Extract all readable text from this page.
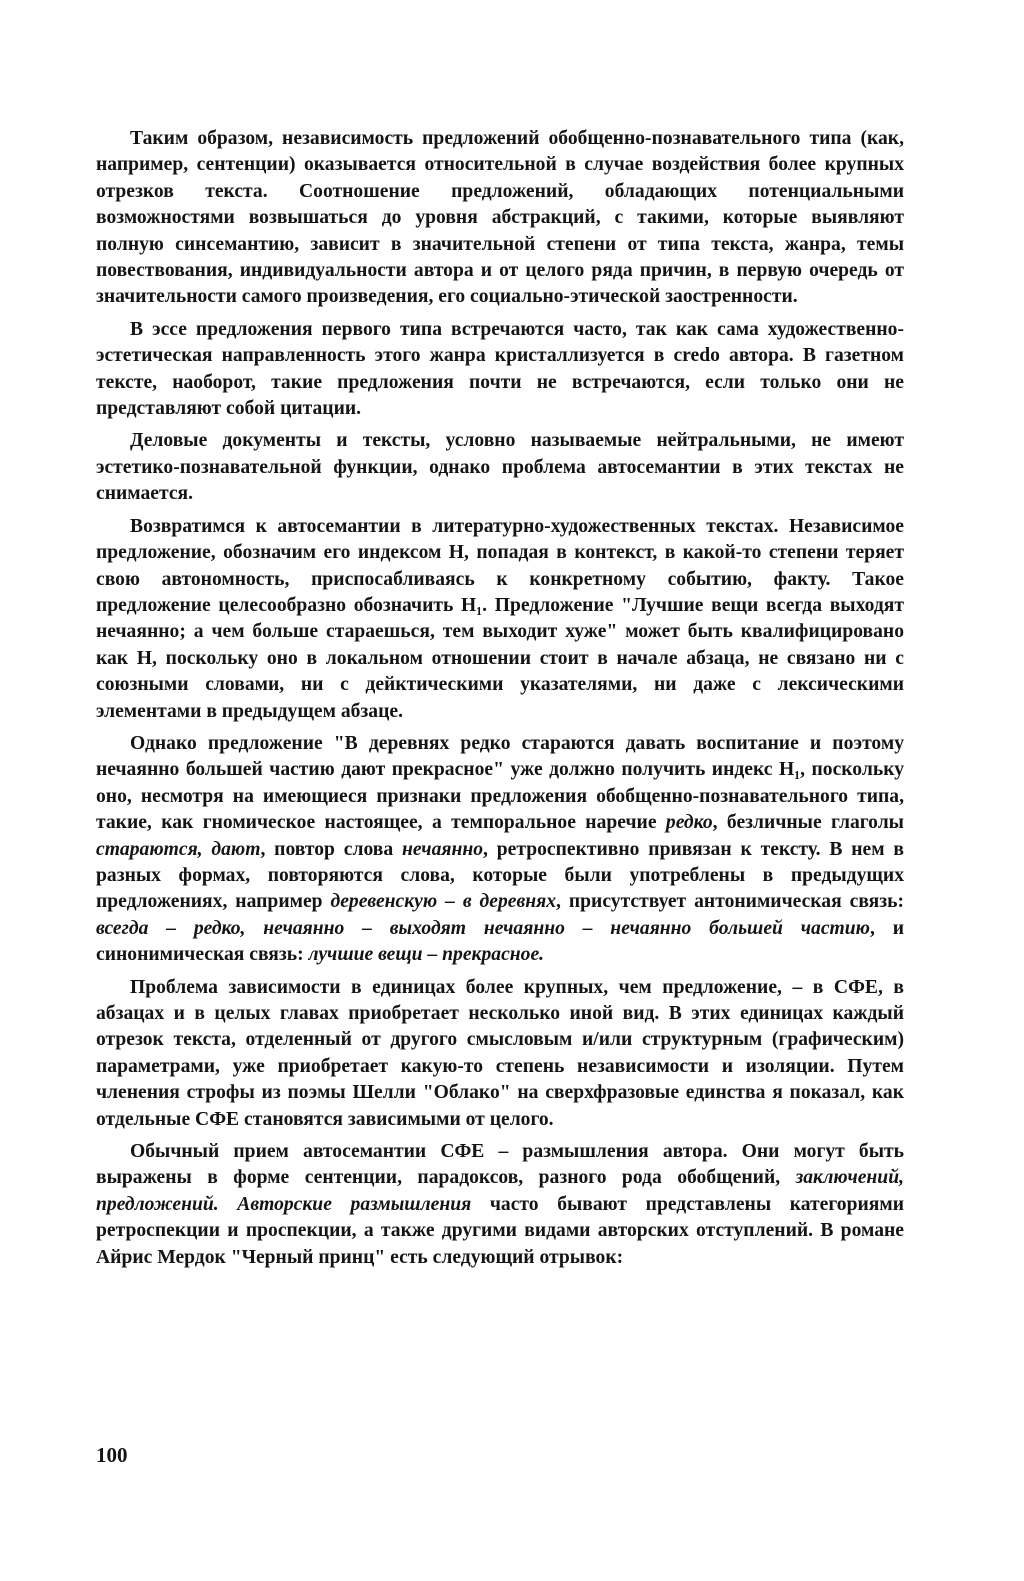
Таким образом, независимость предложений обобщенно-познавательного типа (как, например, сентенции) оказывается относительной в случае воздействия более крупных отрезков текста. Соотношение предложений, обладающих потенциальными возможностями возвышаться до уровня абстракций, с такими, которые выявляют полную синсемантию, зависит в значительной степени от типа текста, жанра, темы повествования, индивидуальности автора и от целого ряда причин, в первую очередь от значительности самого произведения, его социально-этической заостренности.

В эссе предложения первого типа встречаются часто, так как сама художественно-эстетическая направленность этого жанра кристаллизуется в credo автора. В газетном тексте, наоборот, такие предложения почти не встречаются, если только они не представляют собой цитации.

Деловые документы и тексты, условно называемые нейтральными, не имеют эстетико-познавательной функции, однако проблема автосемантии в этих текстах не снимается.

Возвратимся к автосемантии в литературно-художественных текстах. Независимое предложение, обозначим его индексом Н, попадая в контекст, в какой-то степени теряет свою автономность, приспосабливаясь к конкретному событию, факту. Такое предложение целесообразно обозначить Н₁. Предложение "Лучшие вещи всегда выходят нечаянно; а чем больше стараешься, тем выходит хуже" может быть квалифицировано как Н, поскольку оно в локальном отношении стоит в начале абзаца, не связано ни с союзными словами, ни с дейктическими указателями, ни даже с лексическими элементами в предыдущем абзаце.

Однако предложение "В деревнях редко стараются давать воспитание и поэтому нечаянно большей частию дают прекрасное" уже должно получить индекс Н₁, поскольку оно, несмотря на имеющиеся признаки предложения обобщенно-познавательного типа, такие, как гномическое настоящее, а темпоральное наречие редко, безличные глаголы стараются, дают, повтор слова нечаянно, ретроспективно привязан к тексту. В нем в разных формах, повторяются слова, которые были употреблены в предыдущих предложениях, например деревенскую – в деревнях, присутствует антонимическая связь: всегда – редко, нечаянно – выходят нечаянно – нечаянно большей частию, и синонимическая связь: лучшие вещи – прекрасное.

Проблема зависимости в единицах более крупных, чем предложение, – в СФЕ, в абзацах и в целых главах приобретает несколько иной вид. В этих единицах каждый отрезок текста, отделенный от другого смысловым и/или структурным (графическим) параметрами, уже приобретает какую-то степень независимости и изоляции. Путем членения строфы из поэмы Шелли "Облако" на сверхфразовые единства я показал, как отдельные СФЕ становятся зависимыми от целого.

Обычный прием автосемантии СФЕ – размышления автора. Они могут быть выражены в форме сентенции, парадоксов, разного рода обобщений, заключений, предложений. Авторские размышления часто бывают представлены категориями ретроспекции и проспекции, а также другими видами авторских отступлений. В романе Айрис Мердок "Черный принц" есть следующий отрывок:

100
